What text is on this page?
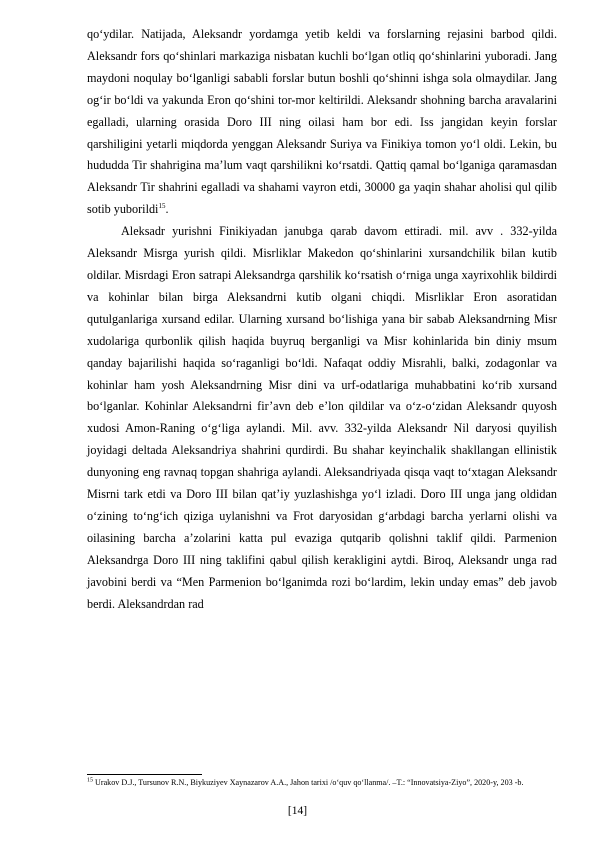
qo‘ydilar. Natijada, Aleksandr yordamga yetib keldi va forslarning rejasini barbod qildi. Aleksandr fors qo‘shinlari markaziga nisbatan kuchli bo‘lgan otliq qo‘shinlarini yuboradi. Jang maydoni noqulay bo‘lganligi sababli forslar butun boshli qo‘shinni ishga sola olmaydilar. Jang og‘ir bo‘ldi va yakunda Eron qo‘shini tor-mor keltirildi. Aleksandr shohning barcha aravalarini egalladi, ularning orasida Doro III ning oilasi ham bor edi. Iss jangidan keyin forslar qarshiligini yetarli miqdorda yenggan Aleksandr Suriya va Finikiya tomon yo‘l oldi. Lekin, bu hududda Tir shahrigina ma’lum vaqt qarshilikni ko‘rsatdi. Qattiq qamal bo‘lganiga qaramasdan Aleksandr Tir shahrini egalladi va shahami vayron etdi, 30000 ga yaqin shahar aholisi qul qilib sotib yuborildi$^{15}$.

Aleksadr yurishni Finikiyadan janubga qarab davom ettiradi. mil. avv . 332-yilda Aleksandr Misrga yurish qildi. Misrliklar Makedon qo‘shinlarini xursandchilik bilan kutib oldilar. Misrdagi Eron satrapi Aleksandrga qarshilik ko‘rsatish o‘rniga unga xayrixohlik bildirdi va kohinlar bilan birga Aleksandrni kutib olgani chiqdi. Misrliklar Eron asoratidan qutulganlariga xursand edilar. Ularning xursand bo‘lishiga yana bir sabab Aleksandrning Misr xudolariga qurbonlik qilish haqida buyruq berganligi va Misr kohinlarida bin diniy msum qanday bajarilishi haqida so‘raganligi bo‘ldi. Nafaqat oddiy Misrahli, balki, zodagonlar va kohinlar ham yosh Aleksandrning Misr dini va urf-odatlariga muhabbatini ko‘rib xursand bo‘lganlar. Kohinlar Aleksandrni fir’avn deb e’lon qildilar va o‘z-o‘zidan Aleksandr quyosh xudosi Amon-Raning o‘g‘liga aylandi. Mil. avv. 332-yilda Aleksandr Nil daryosi quyilish joyidagi deltada Aleksandriya shahrini qurdirdi. Bu shahar keyinchalik shakllangan ellinistik dunyoning eng ravnaq topgan shahriga aylandi. Aleksandriyada qisqa vaqt to‘xtagan Aleksandr Misrni tark etdi va Doro III bilan qat’iy yuzlashishga yo‘l izladi. Doro III unga jang oldidan o‘zining to‘ng‘ich qiziga uylanishni va Frot daryosidan g‘arbdagi barcha yerlarni olishi va oilasining barcha a’zolarini katta pul evaziga qutqarib qolishni taklif qildi. Parmenion Aleksandrga Doro III ning taklifini qabul qilish kerakligini aytdi. Biroq, Aleksandr unga rad javobini berdi va “Men Parmenion bo‘lganimda rozi bo‘lardim, lekin unday emas” deb javob berdi. Aleksandrdan rad

$^{15}$ Urakov D.J., Tursunov R.N., Biykuziyev Xaynazarov A.A., Jahon tarixi /o‘quv qo‘llanma/. –T.: “Innovatsiya-Ziyo”, 2020-y, 203 -b.

[14]
